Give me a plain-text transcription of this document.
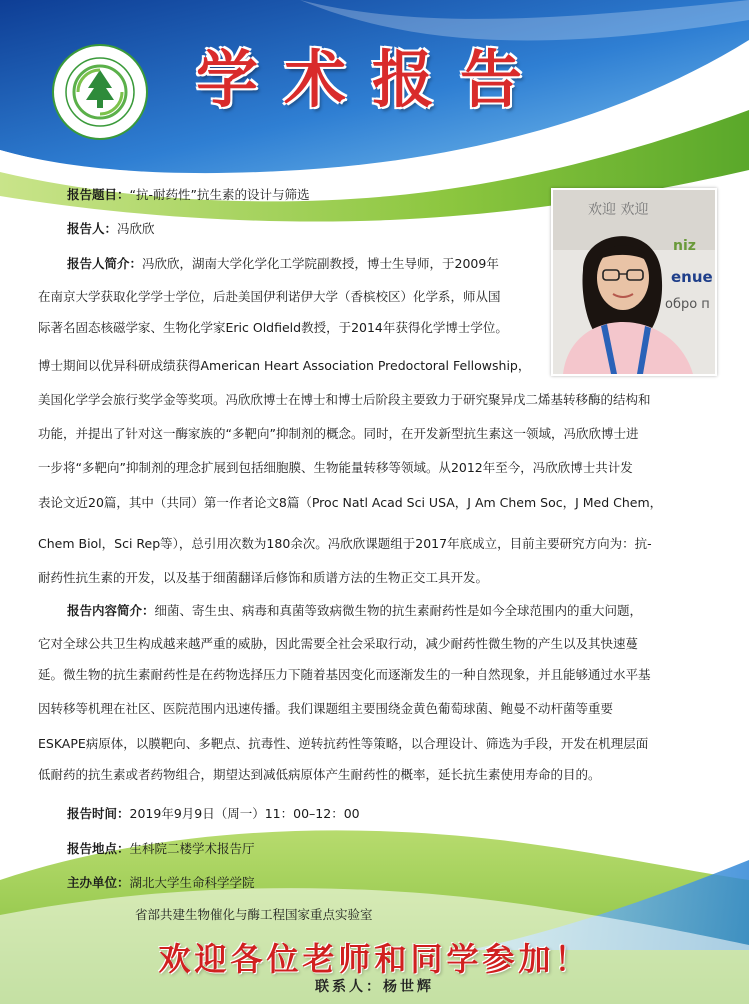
学术报告
欢迎 欢迎
niz
enue
обро п
报告题目：“抗-耐药性”抗生素的设计与筛选
报告人：冯欣欣
报告人简介：冯欣欣，湖南大学化学化工学院副教授，博士生导师，于2009年
在南京大学获取化学学士学位，后赴美国伊利诺伊大学（香槟校区）化学系，师从国
际著名固态核磁学家、生物化学家Eric Oldfield教授，于2014年获得化学博士学位。
博士期间以优异科研成绩获得American Heart Association Predoctoral Fellowship，
美国化学学会旅行奖学金等奖项。冯欣欣博士在博士和博士后阶段主要致力于研究聚异戊二烯基转移酶的结构和
功能，并提出了针对这一酶家族的“多靶向”抑制剂的概念。同时，在开发新型抗生素这一领域，冯欣欣博士进
一步将“多靶向”抑制剂的理念扩展到包括细胞膜、生物能量转移等领域。从2012年至今，冯欣欣博士共计发
表论文近20篇，其中（共同）第一作者论文8篇（Proc Natl Acad Sci USA，J Am Chem Soc，J Med Chem，
Chem Biol，Sci Rep等），总引用次数为180余次。冯欣欣课题组于2017年底成立，目前主要研究方向为：抗-
耐药性抗生素的开发，以及基于细菌翻译后修饰和质谱方法的生物正交工具开发。
报告内容简介：细菌、寄生虫、病毒和真菌等致病微生物的抗生素耐药性是如今全球范围内的重大问题，
它对全球公共卫生构成越来越严重的威胁，因此需要全社会采取行动，减少耐药性微生物的产生以及其快速蔓
延。微生物的抗生素耐药性是在药物选择压力下随着基因变化而逐渐发生的一种自然现象，并且能够通过水平基
因转移等机理在社区、医院范围内迅速传播。我们课题组主要围绕金黄色葡萄球菌、鲍曼不动杆菌等重要
ESKAPE病原体，以膜靶向、多靶点、抗毒性、逆转抗药性等策略，以合理设计、筛选为手段，开发在机理层面
低耐药的抗生素或者药物组合，期望达到减低病原体产生耐药性的概率，延长抗生素使用寿命的目的。
报告时间：2019年9月9日（周一）11：00–12：00
报告地点：生科院二楼学术报告厅
主办单位：湖北大学生命科学学院
省部共建生物催化与酶工程国家重点实验室
欢迎各位老师和同学参加！
联系人：杨世辉
